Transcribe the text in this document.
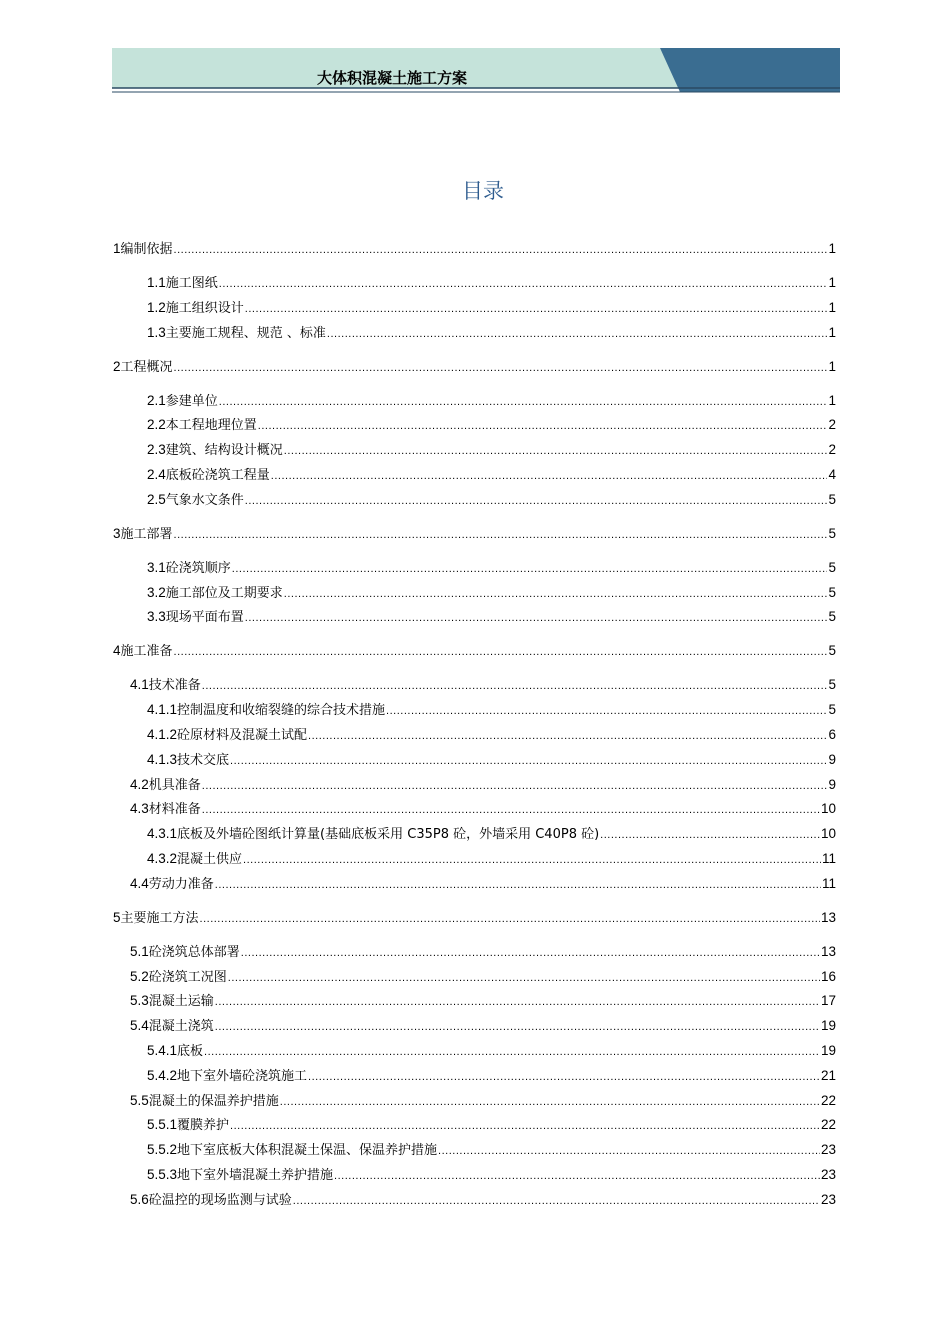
大体积混凝土施工方案
目录
1 编制依据 .....	1
1.1 施工图纸 .....	1
1.2 施工组织设计 .....	1
1.3 主要施工规程、规范 、标准 .....	1
2 工程概况 .....	1
2.1 参建单位 .....	1
2.2 本工程地理位置 .....	2
2.3 建筑、结构设计概况 .....	2
2.4 底板砼浇筑工程量 .....	4
2.5 气象水文条件 .....	5
3 施工部署 .....	5
3.1 砼浇筑顺序 .....	5
3.2 施工部位及工期要求 .....	5
3.3 现场平面布置 .....	5
4 施工准备 .....	5
4.1 技术准备 .....	5
4.1.1 控制温度和收缩裂缝的综合技术措施 .....	5
4.1.2 砼原材料及混凝土试配 .....	6
4.1.3 技术交底 .....	9
4.2 机具准备 .....	9
4.3 材料准备 .....	10
4.3.1 底板及外墙砼图纸计算量(基础底板采用 C35P8 砼，外墙采用 C40P8 砼) .....	10
4.3.2 混凝土供应 .....	11
4.4 劳动力准备 .....	11
5 主要施工方法 .....	13
5.1 砼浇筑总体部署 .....	13
5.2 砼浇筑工况图 .....	16
5.3 混凝土运输 .....	17
5.4 混凝土浇筑 .....	19
5.4.1 底板 .....	19
5.4.2 地下室外墙砼浇筑施工 .....	21
5.5 混凝土的保温养护措施 .....	22
5.5.1 覆膜养护 .....	22
5.5.2 地下室底板大体积混凝土保温、保温养护措施 .....	23
5.5.3 地下室外墙混凝土养护措施 .....	23
5.6 砼温控的现场监测与试验 .....	23
